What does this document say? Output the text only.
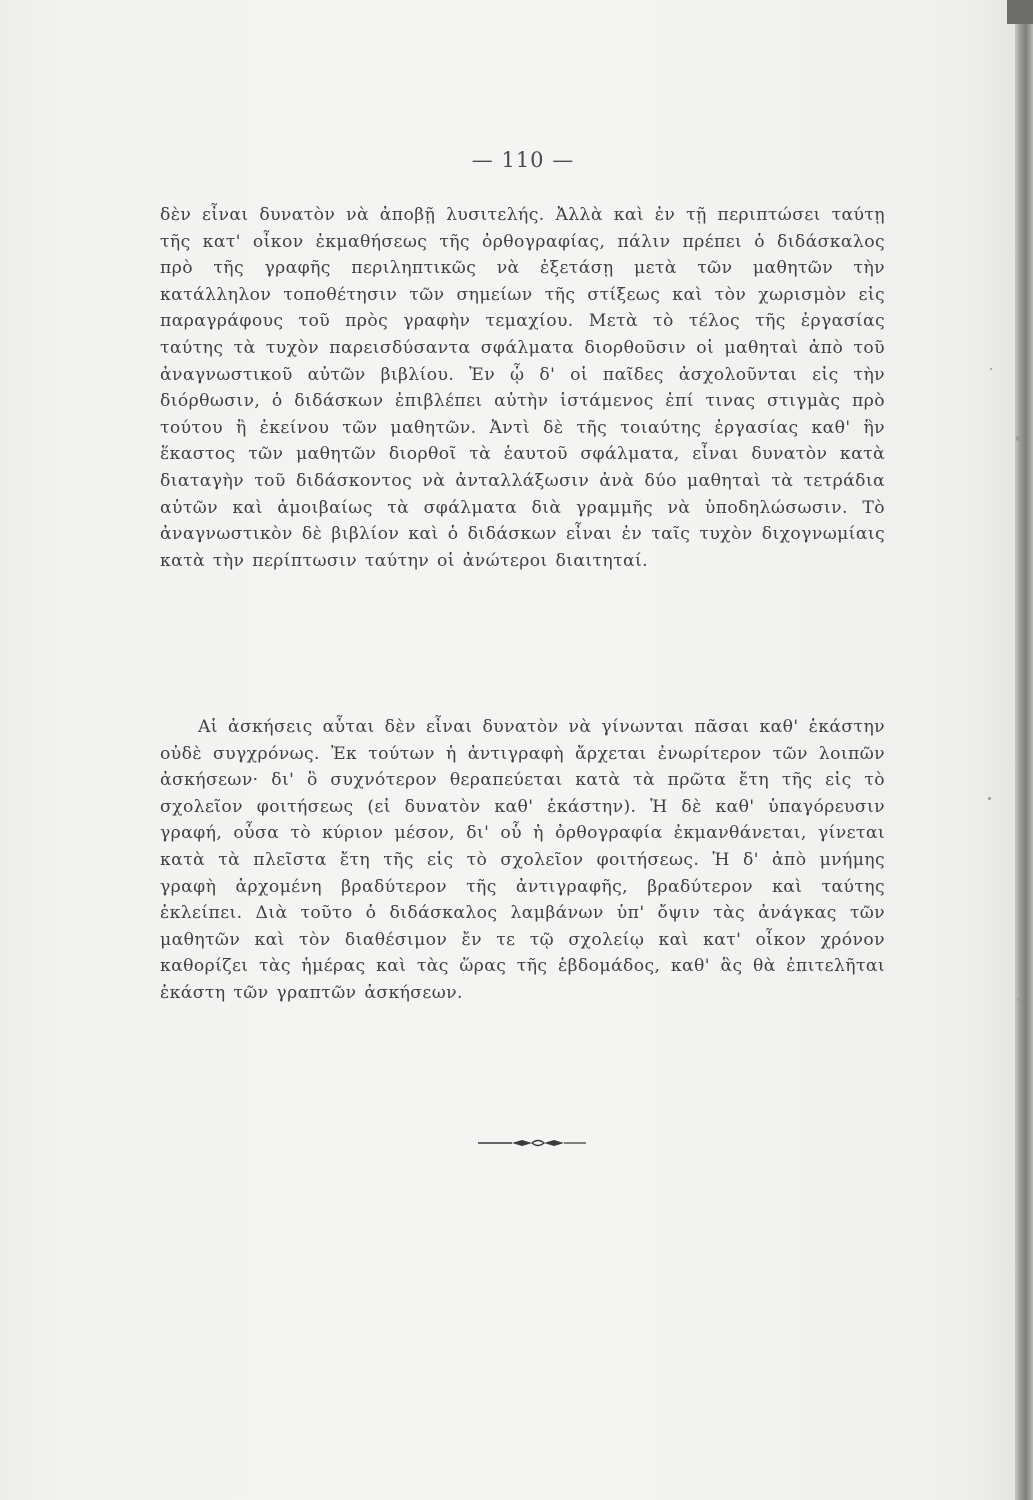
— 110 —
δὲν εἶναι δυνατὸν νὰ ἀποβῇ λυσιτελής. Ἀλλὰ καὶ ἐν τῇ περιπτώσει ταύτῃ τῆς κατ' οἶκον ἐκμαθήσεως τῆς ὀρθογραφίας, πάλιν πρέπει ὁ διδάσκαλος πρὸ τῆς γραφῆς περιληπτικῶς νὰ ἐξετάσῃ μετὰ τῶν μαθητῶν τὴν κατάλληλον τοποθέτησιν τῶν σημείων τῆς στίξεως καὶ τὸν χωρισμὸν εἰς παραγράφους τοῦ πρὸς γραφὴν τεμαχίου. Μετὰ τὸ τέλος τῆς ἐργασίας ταύτης τὰ τυχὸν παρεισδύσαντα σφάλματα διορθοῦσιν οἱ μαθηταὶ ἀπὸ τοῦ ἀναγνωστικοῦ αὐτῶν βιβλίου. Ἐν ᾧ δ' οἱ παῖδες ἀσχολοῦνται εἰς τὴν διόρθωσιν, ὁ διδάσκων ἐπιβλέπει αὐτὴν ἱστάμενος ἐπί τινας στιγμὰς πρὸ τούτου ἢ ἐκείνου τῶν μαθητῶν. Ἀντὶ δὲ τῆς τοιαύτης ἐργασίας καθ' ἣν ἕκαστος τῶν μαθητῶν διορθοῖ τὰ ἑαυτοῦ σφάλματα, εἶναι δυνατὸν κατὰ διαταγὴν τοῦ διδάσκοντος νὰ ἀνταλλάξωσιν ἀνὰ δύο μαθηταὶ τὰ τετράδια αὐτῶν καὶ ἀμοιβαίως τὰ σφάλματα διὰ γραμμῆς νὰ ὑποδηλώσωσιν. Τὸ ἀναγνωστικὸν δὲ βιβλίον καὶ ὁ διδάσκων εἶναι ἐν ταῖς τυχὸν διχογνωμίαις κατὰ τὴν περίπτωσιν ταύτην οἱ ἀνώτεροι διαιτηταί.
Αἱ ἀσκήσεις αὗται δὲν εἶναι δυνατὸν νὰ γίνωνται πᾶσαι καθ' ἑκάστην οὐδὲ συγχρόνως. Ἐκ τούτων ἡ ἀντιγραφὴ ἄρχεται ἐνωρίτερον τῶν λοιπῶν ἀσκήσεων· δι' ὃ συχνότερον θεραπεύεται κατὰ τὰ πρῶτα ἔτη τῆς εἰς τὸ σχολεῖον φοιτήσεως (εἰ δυνατὸν καθ' ἑκάστην). Ἡ δὲ καθ' ὑπαγόρευσιν γραφή, οὖσα τὸ κύριον μέσον, δι' οὗ ἡ ὀρθογραφία ἐκμανθάνεται, γίνεται κατὰ τὰ πλεῖστα ἔτη τῆς εἰς τὸ σχολεῖον φοιτήσεως. Ἡ δ' ἀπὸ μνήμης γραφὴ ἀρχομένη βραδύτερον τῆς ἀντιγραφῆς, βραδύτερον καὶ ταύτης ἐκλείπει. Διὰ τοῦτο ὁ διδάσκαλος λαμβάνων ὑπ' ὄψιν τὰς ἀνάγκας τῶν μαθητῶν καὶ τὸν διαθέσιμον ἔν τε τῷ σχολείῳ καὶ κατ' οἶκον χρόνον καθορίζει τὰς ἡμέρας καὶ τὰς ὥρας τῆς ἑβδομάδος, καθ' ἃς θὰ ἐπιτελῆται ἑκάστη τῶν γραπτῶν ἀσκήσεων.
